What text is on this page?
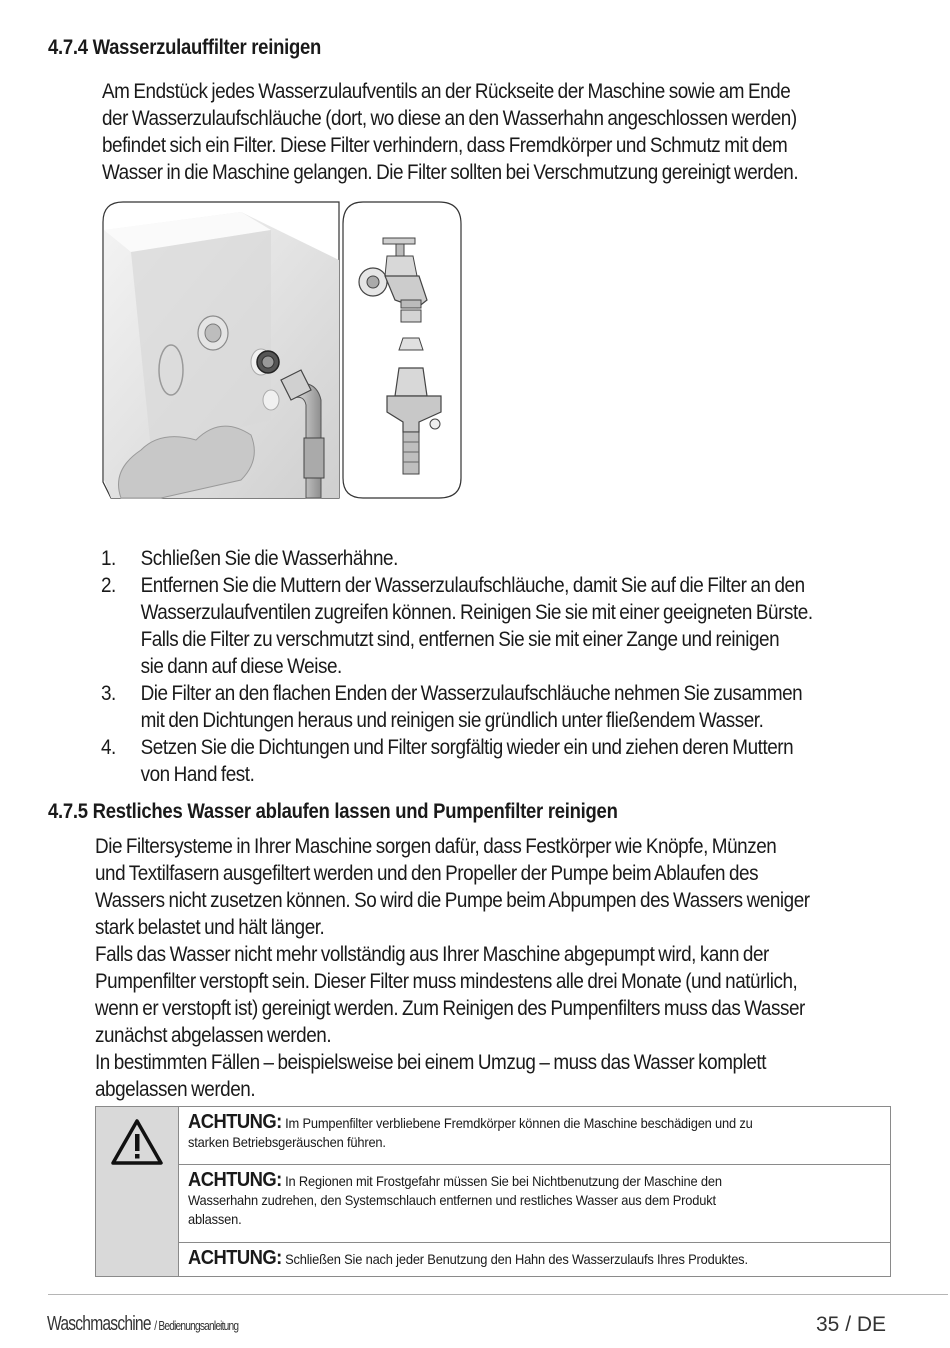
4.7.4 Wasserzulauffilter reinigen
Am Endstück jedes Wasserzulaufventils an der Rückseite der Maschine sowie am Ende
der Wasserzulaufschläuche (dort, wo diese an den Wasserhahn angeschlossen werden)
befindet sich ein Filter. Diese Filter verhindern, dass Fremdkörper und Schmutz mit dem
Wasser in die Maschine gelangen. Die Filter sollten bei Verschmutzung gereinigt werden.
1. Schließen Sie die Wasserhähne.
2. Entfernen Sie die Muttern der Wasserzulaufschläuche, damit Sie auf die Filter an den
Wasserzulaufventilen zugreifen können. Reinigen Sie sie mit einer geeigneten Bürste.
Falls die Filter zu verschmutzt sind, entfernen Sie sie mit einer Zange und reinigen
sie dann auf diese Weise.
3. Die Filter an den flachen Enden der Wasserzulaufschläuche nehmen Sie zusammen
mit den Dichtungen heraus und reinigen sie gründlich unter fließendem Wasser.
4. Setzen Sie die Dichtungen und Filter sorgfältig wieder ein und ziehen deren Muttern
von Hand fest.
4.7.5 Restliches Wasser ablaufen lassen und Pumpenfilter reinigen
Die Filtersysteme in Ihrer Maschine sorgen dafür, dass Festkörper wie Knöpfe, Münzen
und Textilfasern ausgefiltert werden und den Propeller der Pumpe beim Ablaufen des
Wassers nicht zusetzen können. So wird die Pumpe beim Abpumpen des Wassers weniger
stark belastet und hält länger.
Falls das Wasser nicht mehr vollständig aus Ihrer Maschine abgepumpt wird, kann der
Pumpenfilter verstopft sein. Dieser Filter muss mindestens alle drei Monate (und natürlich,
wenn er verstopft ist) gereinigt werden. Zum Reinigen des Pumpenfilters muss das Wasser
zunächst abgelassen werden.
In bestimmten Fällen – beispielsweise bei einem Umzug – muss das Wasser komplett
abgelassen werden.
ACHTUNG: Im Pumpenfilter verbliebene Fremdkörper können die Maschine beschädigen und zu
starken Betriebsgeräuschen führen.
ACHTUNG: In Regionen mit Frostgefahr müssen Sie bei Nichtbenutzung der Maschine den
Wasserhahn zudrehen, den Systemschlauch entfernen und restliches Wasser aus dem Produkt
ablassen.
ACHTUNG: Schließen Sie nach jeder Benutzung den Hahn des Wasserzulaufs Ihres Produktes.
Waschmaschine / Bedienungsanleitung	35 / DE
